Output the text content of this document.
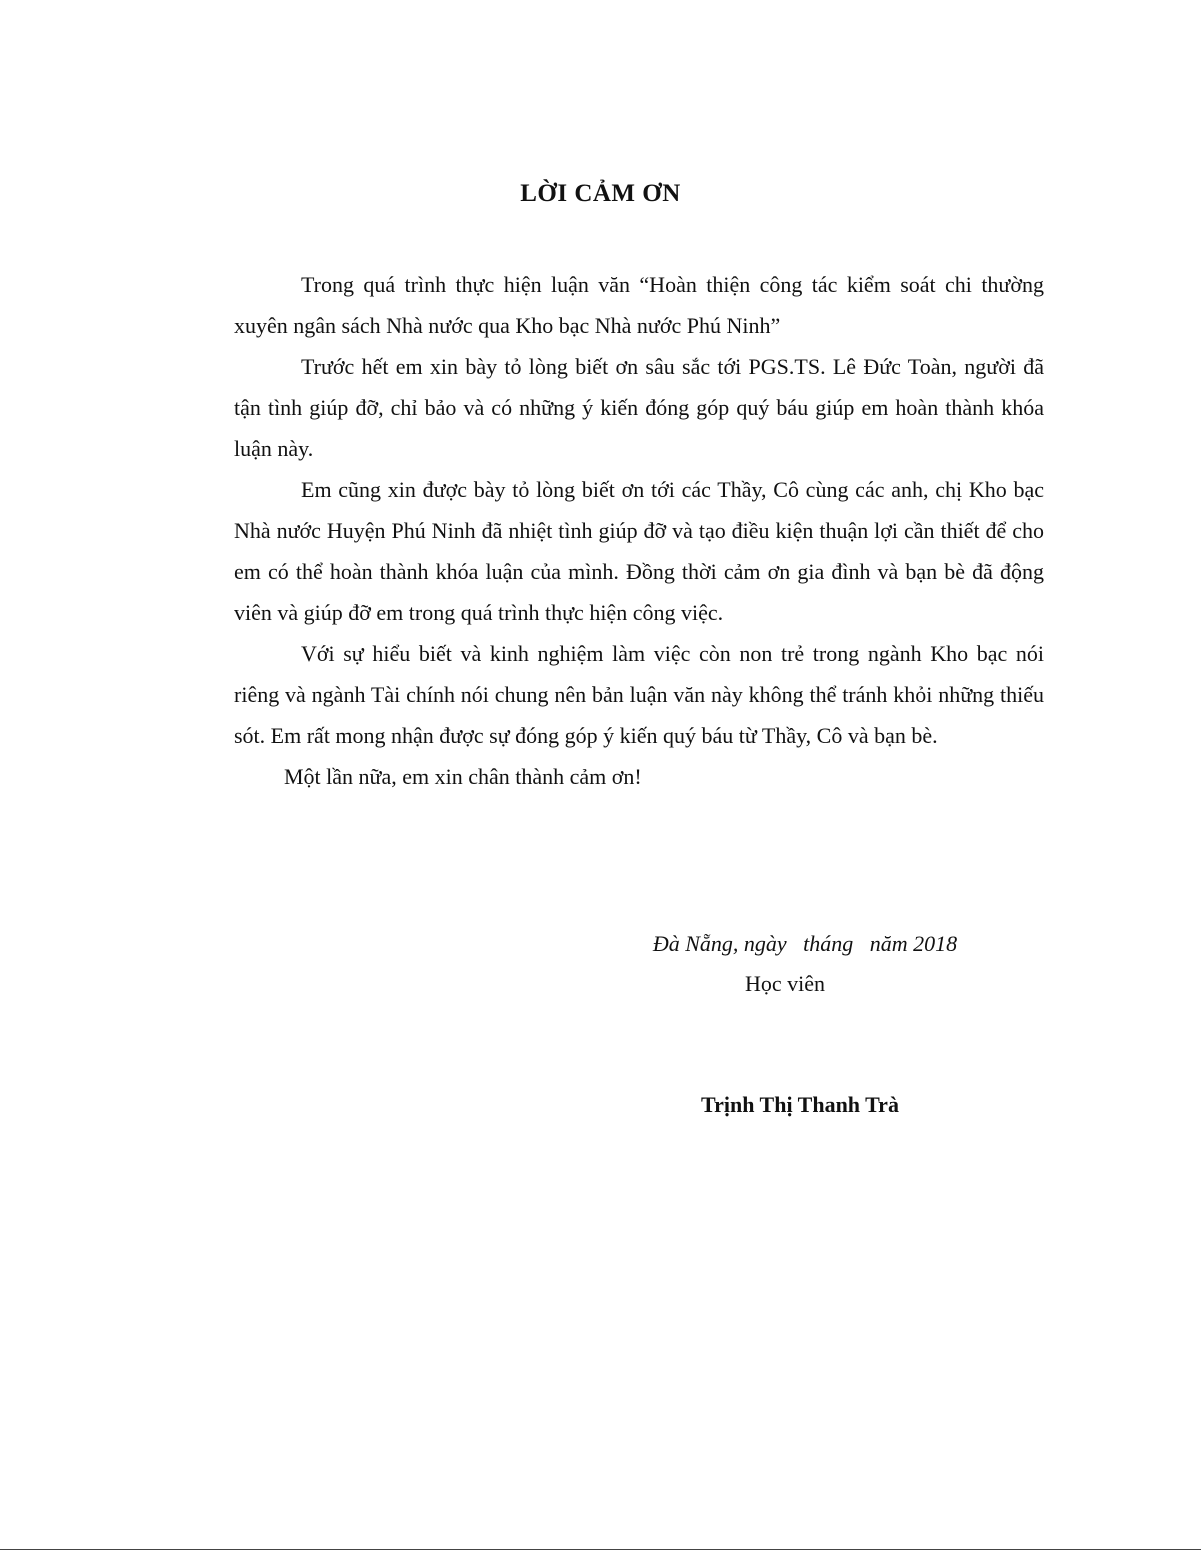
LỜI CẢM ƠN

Trong quá trình thực hiện luận văn “Hoàn thiện công tác kiểm soát chi thường xuyên ngân sách Nhà nước qua Kho bạc Nhà nước Phú Ninh”

Trước hết em xin bày tỏ lòng biết ơn sâu sắc tới PGS.TS. Lê Đức Toàn, người đã tận tình giúp đỡ, chỉ bảo và có những ý kiến đóng góp quý báu giúp em hoàn thành khóa luận này.

Em cũng xin được bày tỏ lòng biết ơn tới các Thầy, Cô cùng các anh, chị Kho bạc Nhà nước Huyện Phú Ninh đã nhiệt tình giúp đỡ và tạo điều kiện thuận lợi cần thiết để cho em có thể hoàn thành khóa luận của mình. Đồng thời cảm ơn gia đình và bạn bè đã động viên và giúp đỡ em trong quá trình thực hiện công việc.

Với sự hiểu biết và kinh nghiệm làm việc còn non trẻ trong ngành Kho bạc nói riêng và ngành Tài chính nói chung nên bản luận văn này không thể tránh khỏi những thiếu sót. Em rất mong nhận được sự đóng góp ý kiến quý báu từ Thầy, Cô và bạn bè.

Một lần nữa, em xin chân thành cảm ơn!

Đà Nẵng, ngày   tháng   năm 2018
Học viên
Trịnh Thị Thanh Trà
